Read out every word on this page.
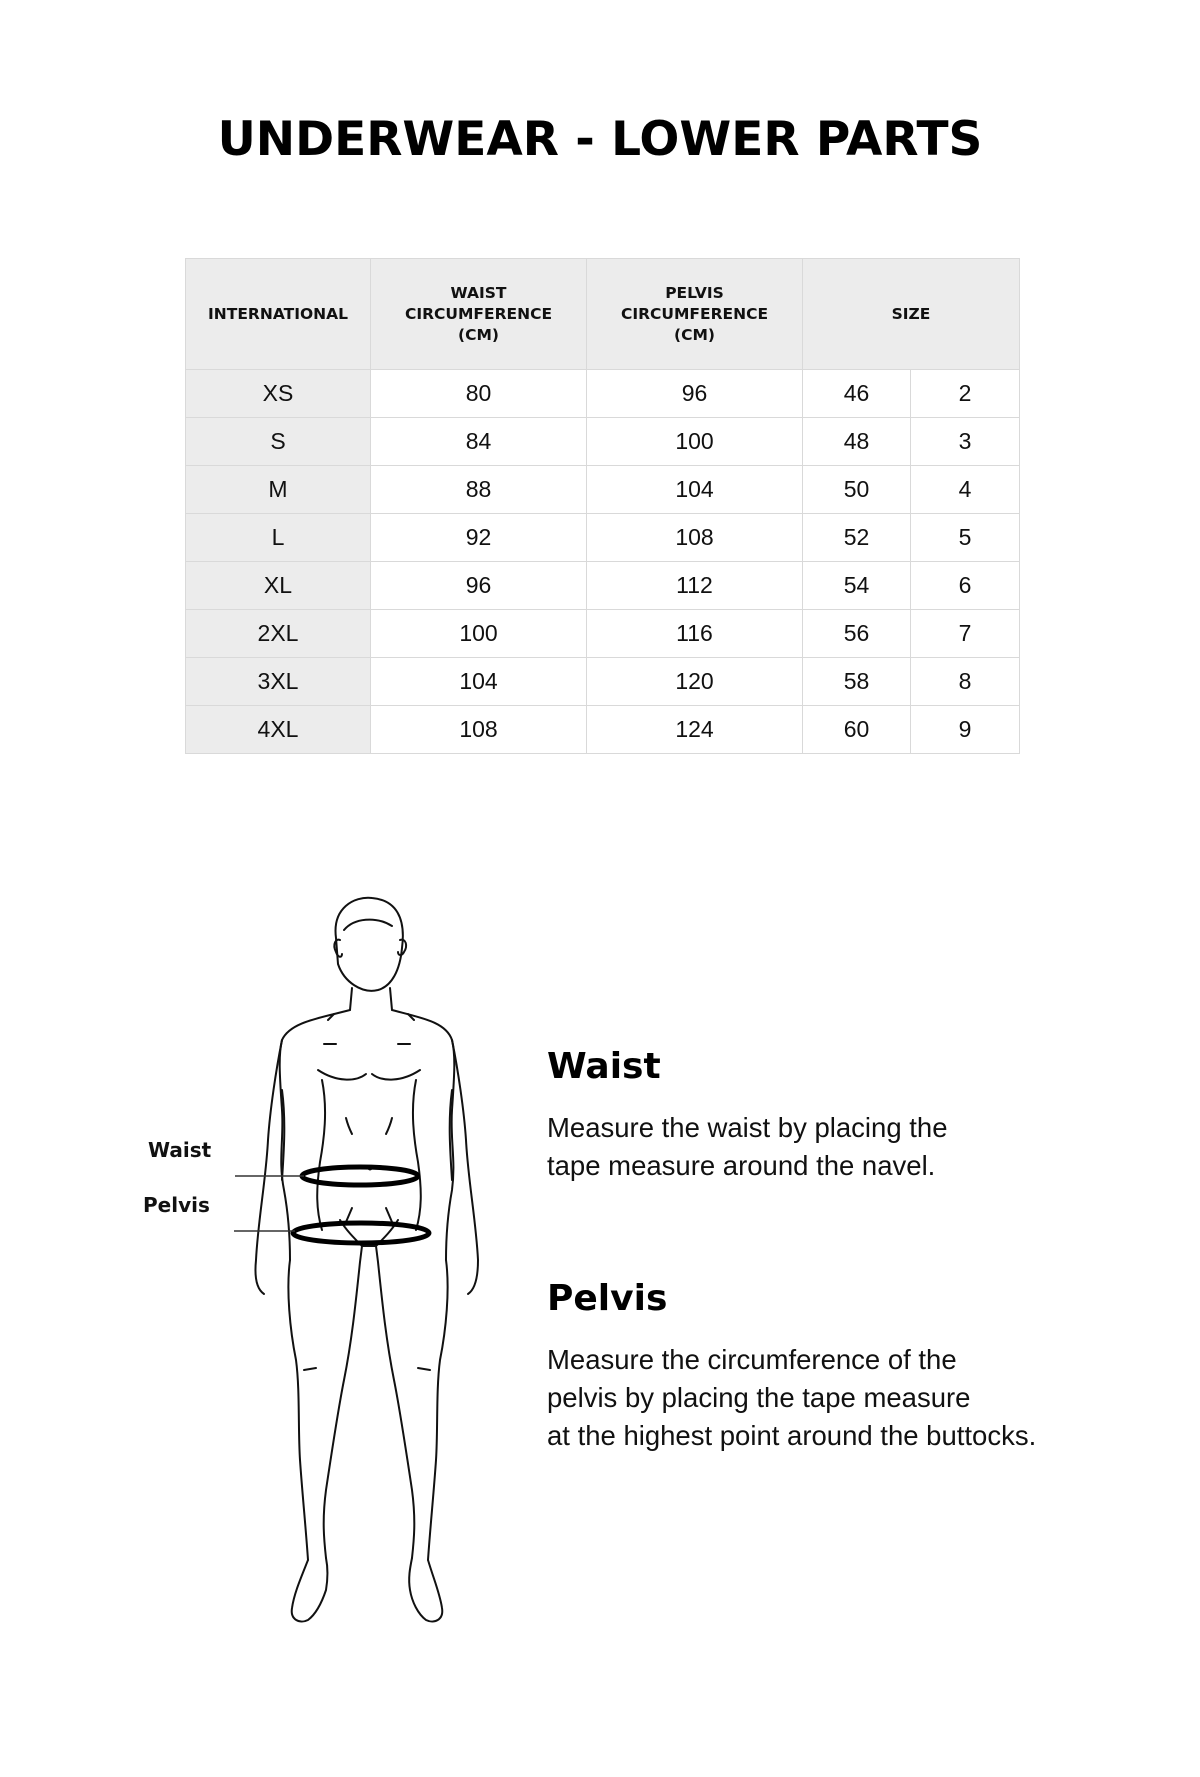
UNDERWEAR - LOWER PARTS
INTERNATIONAL	WAIST
CIRCUMFERENCE
(CM)	PELVIS
CIRCUMFERENCE
(CM)	SIZE	

XS	80	96	46	2
S	84	100	48	3
M	88	104	50	4
L	92	108	52	5
XL	96	112	54	6
2XL	100	116	56	7
3XL	104	120	58	8
4XL	108	124	60	9
Waist
Pelvis
Waist

Measure the waist by placing the
tape measure around the navel.

Pelvis

Measure the circumference of the
pelvis by placing the tape measure
at the highest point around the buttocks.
